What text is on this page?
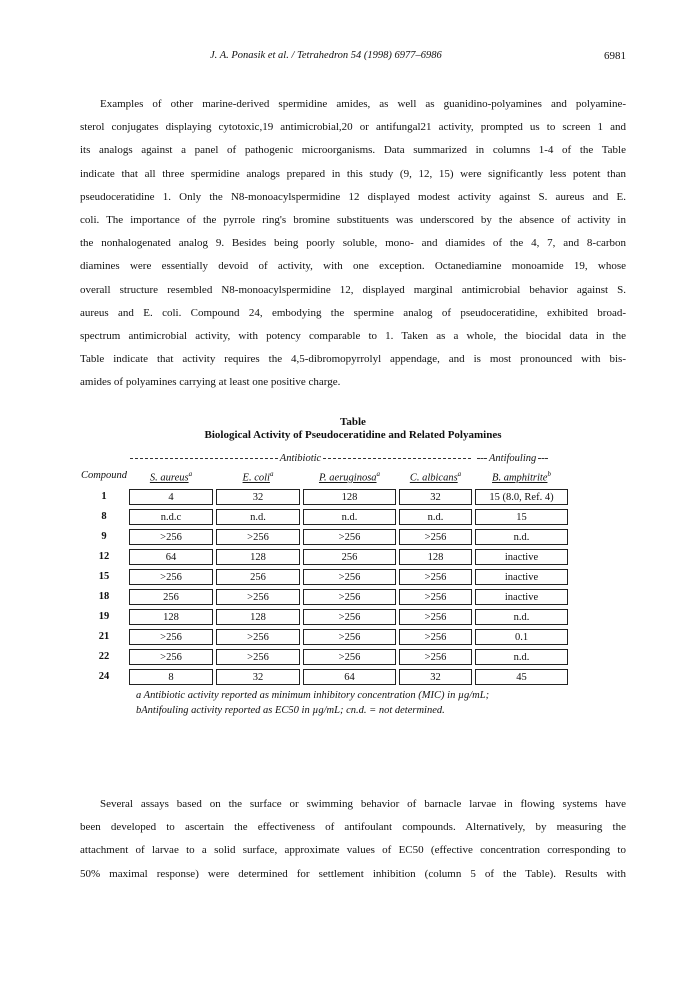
J. A. Ponasik et al. / Tetrahedron 54 (1998) 6977–6986	6981
Examples of other marine-derived spermidine amides, as well as guanidino-polyamines and polyamine-
sterol conjugates displaying cytotoxic,19 antimicrobial,20 or antifungal21 activity, prompted us to screen 1 and
its analogs against a panel of pathogenic microorganisms. Data summarized in columns 1-4 of the Table
indicate that all three spermidine analogs prepared in this study (9, 12, 15) were significantly less potent than
pseudoceratidine 1. Only the N8-monoacylspermidine 12 displayed modest activity against S. aureus and E.
coli. The importance of the pyrrole ring's bromine substituents was underscored by the absence of activity in
the nonhalogenated analog 9. Besides being poorly soluble, mono- and diamides of the 4, 7, and 8-carbon
diamines were essentially devoid of activity, with one exception. Octanediamine monoamide 19, whose
overall structure resembled N8-monoacylspermidine 12, displayed marginal antimicrobial behavior against S.
aureus and E. coli. Compound 24, embodying the spermine analog of pseudoceratidine, exhibited broad-
spectrum antimicrobial activity, with potency comparable to 1. Taken as a whole, the biocidal data in the
Table indicate that activity requires the 4,5-dibromopyrrolyl appendage, and is most pronounced with bis-
amides of polyamines carrying at least one positive charge.
Table
Biological Activity of Pseudoceratidine and Related Polyamines
Antibiotic	Antifouling
Compound	S. aureus$^a$	E. coli$^a$	P. aeruginosa$^a$	C. albicans$^a$	B. amphitrite$^b$
1	4	32	128	32	15 (8.0, Ref. 4)
8	n.d.c	n.d.	n.d.	n.d.	15
9	>256	>256	>256	>256	n.d.
12	64	128	256	128	inactive
15	>256	256	>256	>256	inactive
18	256	>256	>256	>256	inactive
19	128	128	>256	>256	n.d.
21	>256	>256	>256	>256	0.1
22	>256	>256	>256	>256	n.d.
24	8	32	64	32	45
a Antibiotic activity reported as minimum inhibitory concentration (MIC) in µg/mL;
bAntifouling activity reported as EC50 in µg/mL; cn.d. = not determined.
Several assays based on the surface or swimming behavior of barnacle larvae in flowing systems have
been developed to ascertain the effectiveness of antifoulant compounds. Alternatively, by measuring the
attachment of larvae to a solid surface, approximate values of EC50 (effective concentration corresponding to
50% maximal response) were determined for settlement inhibition (column 5 of the Table). Results with
